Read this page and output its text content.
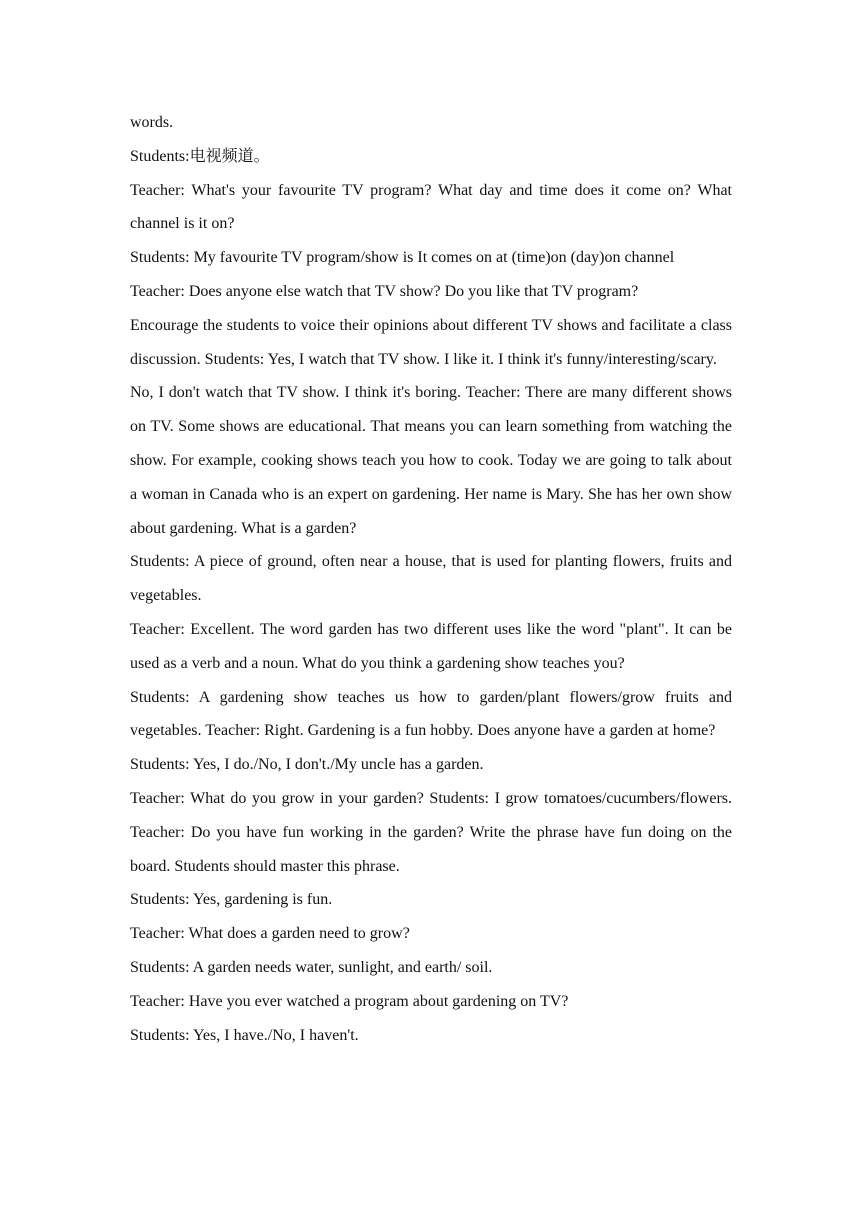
words.

Students:电视频道。

Teacher: What's your favourite TV program? What day and time does it come on? What channel is it on?

Students: My favourite TV program/show is It comes on at (time)on (day)on channel

Teacher: Does anyone else watch that TV show? Do you like that TV program?

Encourage the students to voice their opinions about different TV shows and facilitate a class discussion. Students: Yes, I watch that TV show. I like it. I think it's funny/interesting/scary.

No, I don't watch that TV show. I think it's boring. Teacher: There are many different shows on TV. Some shows are educational. That means you can learn something from watching the show. For example, cooking shows teach you how to cook. Today we are going to talk about a woman in Canada who is an expert on gardening. Her name is Mary. She has her own show about gardening. What is a garden?

Students: A piece of ground, often near a house, that is used for planting flowers, fruits and vegetables.

Teacher: Excellent. The word garden has two different uses like the word "plant". It can be used as a verb and a noun. What do you think a gardening show teaches you?

Students: A gardening show teaches us how to garden/plant flowers/grow fruits and vegetables. Teacher: Right. Gardening is a fun hobby. Does anyone have a garden at home?

Students: Yes, I do./No, I don't./My uncle has a garden.

Teacher: What do you grow in your garden? Students: I grow tomatoes/cucumbers/flowers. Teacher: Do you have fun working in the garden? Write the phrase have fun doing on the board. Students should master this phrase.

Students: Yes, gardening is fun.

Teacher: What does a garden need to grow?

Students: A garden needs water, sunlight, and earth/ soil.

Teacher: Have you ever watched a program about gardening on TV?

Students: Yes, I have./No, I haven't.
